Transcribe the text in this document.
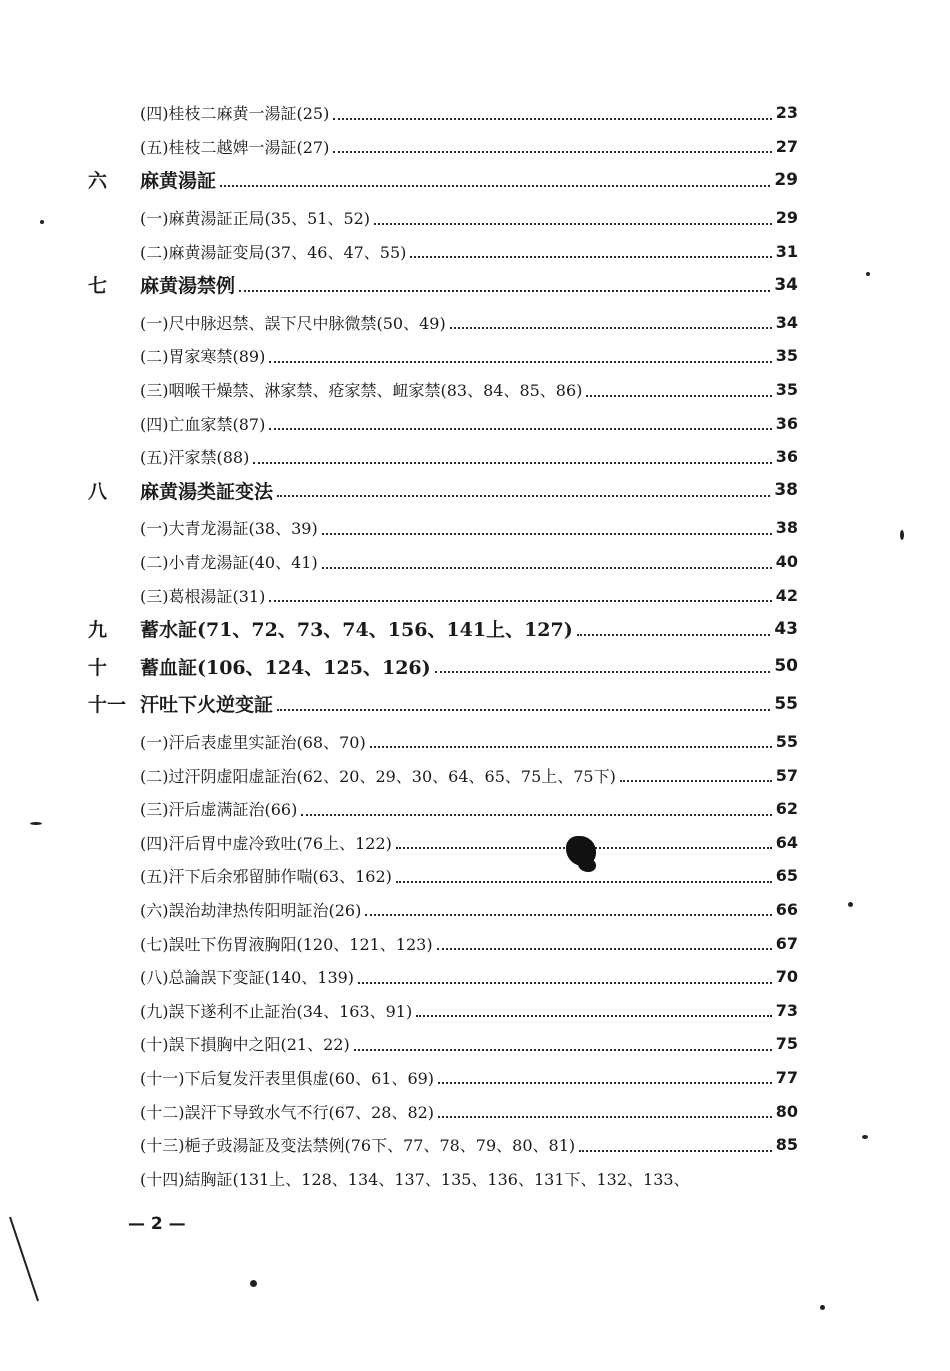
(四)桂枝二麻黄一湯証(25)	23
(五)桂枝二越婢一湯証(27)	27
六	麻黄湯証	29
(一)麻黄湯証正局(35、51、52)	29
(二)麻黄湯証变局(37、46、47、55)	31
七	麻黄湯禁例	34
(一)尺中脉迟禁、誤下尺中脉微禁(50、49)	34
(二)胃家寒禁(89)	35
(三)咽喉干燥禁、淋家禁、疮家禁、衄家禁(83、84、85、86)	35
(四)亡血家禁(87)	36
(五)汗家禁(88)	36
八	麻黄湯类証变法	38
(一)大青龙湯証(38、39)	38
(二)小青龙湯証(40、41)	40
(三)葛根湯証(31)	42
九	蓄水証(71、72、73、74、156、141上、127)	43
十	蓄血証(106、124、125、126)	50
十一 汗吐下火逆变証	55
(一)汗后表虚里实証治(68、70)	55
(二)过汗阴虚阳虚証治(62、20、29、30、64、65、75上、75下)	57
(三)汗后虚满証治(66)	62
(四)汗后胃中虚冷致吐(76上、122)	64
(五)汗下后余邪留肺作喘(63、162)	65
(六)誤治劫津热传阳明証治(26)	66
(七)誤吐下伤胃液胸阳(120、121、123)	67
(八)总論誤下变証(140、139)	70
(九)誤下遂利不止証治(34、163、91)	73
(十)誤下損胸中之阳(21、22)	75
(十一)下后复发汗表里俱虚(60、61、69)	77
(十二)誤汗下导致水气不行(67、28、82)	80
(十三)梔子豉湯証及变法禁例(76下、77、78、79、80、81)	85
(十四)結胸証(131上、128、134、137、135、136、131下、132、133、
— 2 —
